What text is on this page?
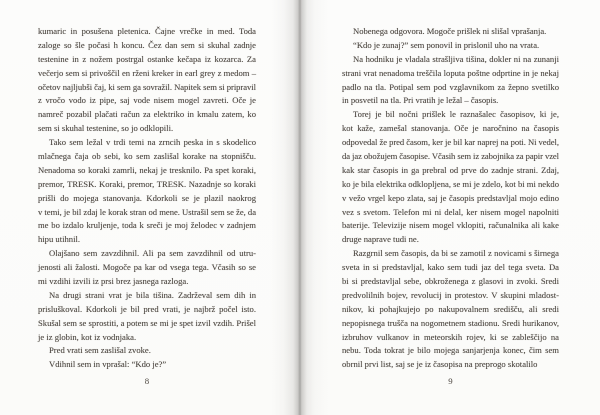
kumaric in posušena pletenica. Čajne vrečke in med. Toda
zaloge so šle počasi h koncu. Čez dan sem si skuhal zadnje
testenine in z nožem postrgal ostanke kečapa iz kozarca. Za
večerjo sem si privoščil en rženi kreker in earl grey z medom –
očetov najljubši čaj, ki sem ga sovražil. Napitek sem si pripravil
z vročo vodo iz pipe, saj vode nisem mogel zavreti. Oče je
namreč pozabil plačati račun za elektriko in kmalu zatem, ko
sem si skuhal testenine, so jo odklopili.
Tako sem ležal v trdi temi na zrncih peska in s skodelico
mlačnega čaja ob sebi, ko sem zaslišal korake na stopnišču.
Nenadoma so koraki zamrli, nekaj je tresknilo. Pa spet koraki,
premor, TRESK. Koraki, premor, TRESK. Nazadnje so koraki
prišli do mojega stanovanja. Kdorkoli se je plazil naokrog
v temi, je bil zdaj le korak stran od mene. Ustrašil sem se že, da
me bo izdalo kruljenje, toda k sreči je moj želodec v zadnjem
hipu utihnil.
Olajšano sem zavzdihnil. Ali pa sem zavzdihnil od utru-
jenosti ali žalosti. Mogoče pa kar od vsega tega. Včasih so se
mi vzdihi izvili iz prsi brez jasnega razloga.
Na drugi strani vrat je bila tišina. Zadrževal sem dih in
prisluškoval. Kdorkoli je bil pred vrati, je najbrž počel isto.
Skušal sem se sprostiti, a potem se mi je spet izvil vzdih. Prišel
je iz globin, kot iz vodnjaka.
Pred vrati sem zaslišal zvoke.
Vdihnil sem in vprašal: “Kdo je?”
8
Nobenega odgovora. Mogoče prišlek ni slišal vprašanja.
“Kdo je zunaj?” sem ponovil in prislonil uho na vrata.
Na hodniku je vladala strašljiva tišina, dokler ni na zunanji
strani vrat nenadoma treščila loputa poštne odprtine in je nekaj
padlo na tla. Potipal sem pod vzglavnikom za žepno svetilko
in posvetil na tla. Pri vratih je ležal – časopis.
Torej je bil nočni prišlek le raznašalec časopisov, ki je,
kot kaže, zamešal stanovanja. Oče je naročnino na časopis
odpovedal že pred časom, ker je bil kar naprej na poti. Ni vedel,
da jaz obožujem časopise. Včasih sem iz zabojnika za papir vzel
kak star časopis in ga prebral od prve do zadnje strani. Zdaj,
ko je bila elektrika odklopljena, se mi je zdelo, kot bi mi nekdo
v vežo vrgel kepo zlata, saj je časopis predstavljal mojo edino
vez s svetom. Telefon mi ni delal, ker nisem mogel napolniti
baterije. Televizije nisem mogel vklopiti, računalnika ali kake
druge naprave tudi ne.
Razgrnil sem časopis, da bi se zamotil z novicami s širnega
sveta in si predstavljal, kako sem tudi jaz del tega sveta. Da
bi si predstavljal sebe, obkroženega z glasovi in zvoki. Sredi
predvolilnih bojev, revolucij in protestov. V skupini mladost-
nikov, ki pohajkujejo po nakupovalnem središču, ali sredi
nepopisnega trušča na nogometnem stadionu. Sredi hurikanov,
izbruhov vulkanov in meteorskih rojev, ki se zableščijo na
nebu. Toda tokrat je bilo mojega sanjarjenja konec, čim sem
obrnil prvi list, saj se je iz časopisa na preprogo skotalilo
9
